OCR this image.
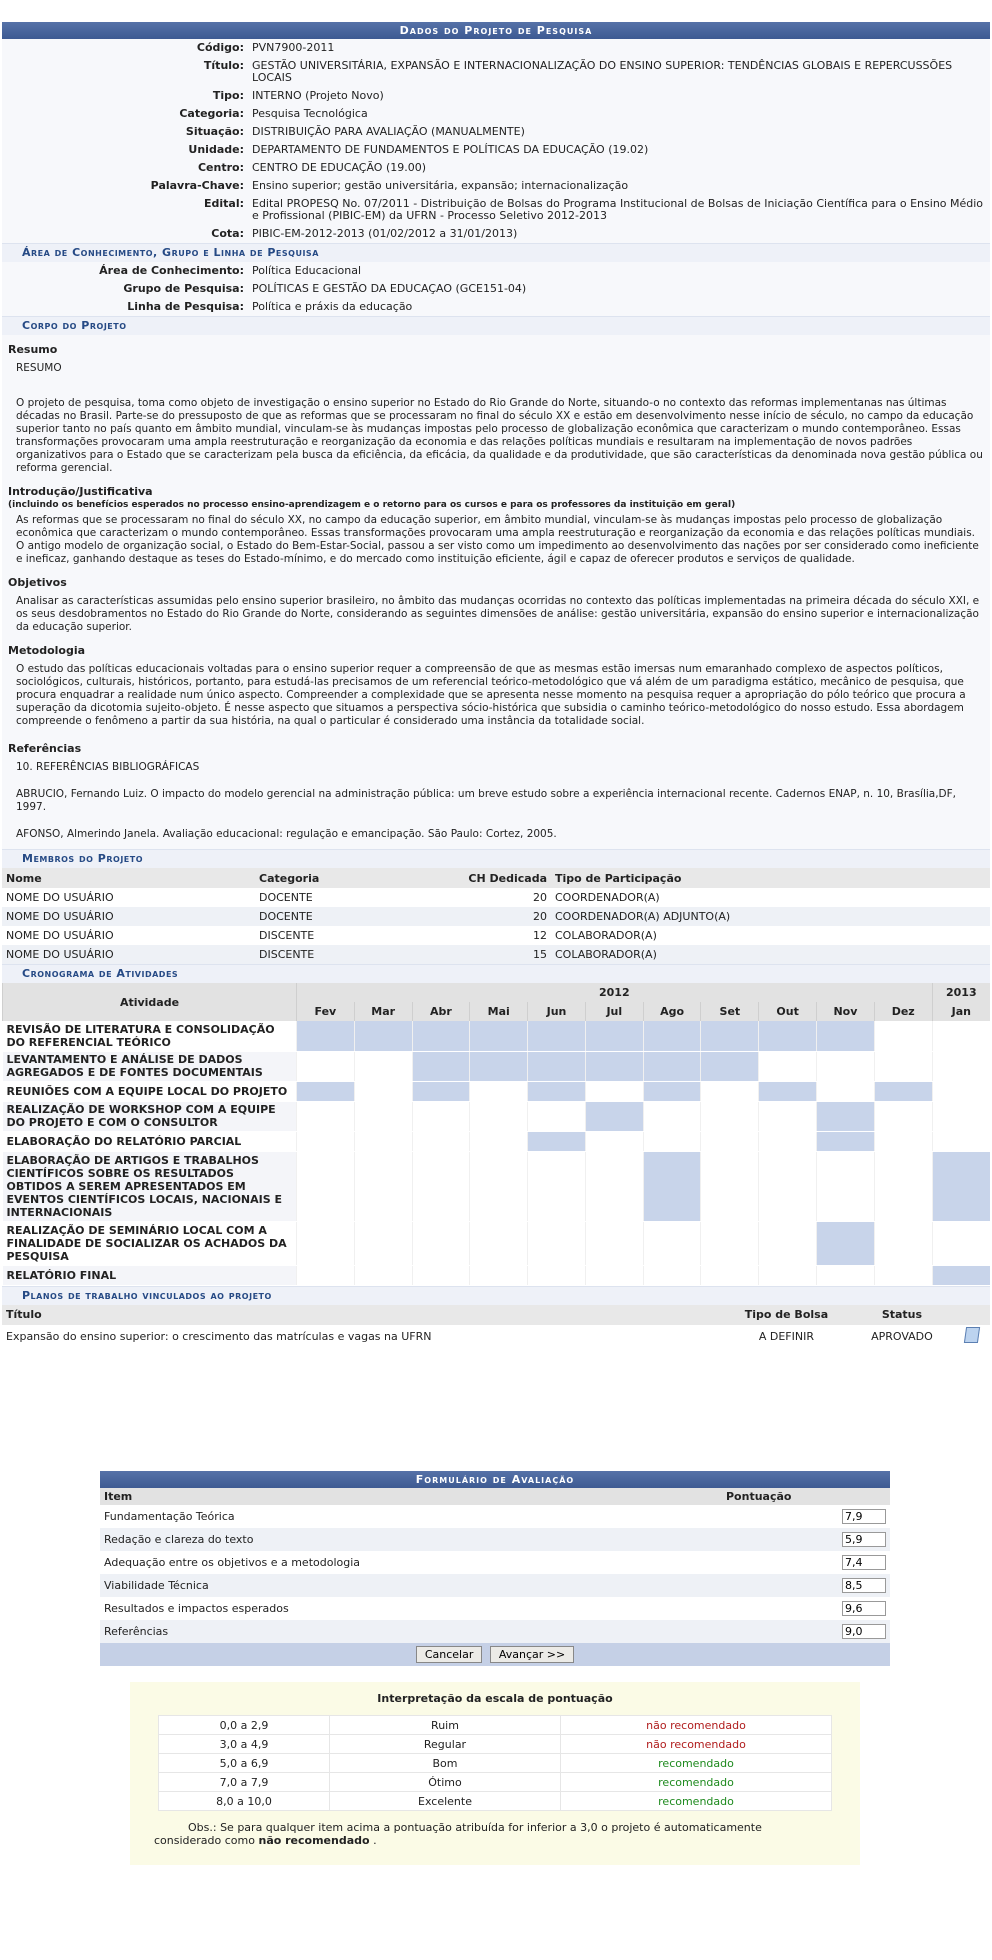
Dados do Projeto de Pesquisa
Código:	PVN7900-2011
Título:	GESTÃO UNIVERSITÁRIA, EXPANSÃO E INTERNACIONALIZAÇÃO DO ENSINO SUPERIOR: TENDÊNCIAS GLOBAIS E REPERCUSSÕES LOCAIS
Tipo:	INTERNO (Projeto Novo)
Categoria:	Pesquisa Tecnológica
Situação:	DISTRIBUIÇÃO PARA AVALIAÇÃO (MANUALMENTE)
Unidade:	DEPARTAMENTO DE FUNDAMENTOS E POLÍTICAS DA EDUCAÇÃO (19.02)
Centro:	CENTRO DE EDUCAÇÃO (19.00)
Palavra-Chave:	Ensino superior; gestão universitária, expansão; internacionalização
Edital:	Edital PROPESQ No. 07/2011 - Distribuição de Bolsas do Programa Institucional de Bolsas de Iniciação Científica para o Ensino Médio e Profissional (PIBIC-EM) da UFRN - Processo Seletivo 2012-2013
Cota:	PIBIC-EM-2012-2013 (01/02/2012 a 31/01/2013)
Área de Conhecimento, Grupo e Linha de Pesquisa
Área de Conhecimento:	Política Educacional
Grupo de Pesquisa:	POLÍTICAS E GESTÃO DA EDUCAÇAO (GCE151-04)
Linha de Pesquisa:	Política e práxis da educação
Corpo do Projeto
Resumo

RESUMO

O projeto de pesquisa, toma como objeto de investigação o ensino superior no Estado do Rio Grande do Norte, situando-o no contexto das reformas implementanas nas últimas décadas no Brasil. Parte-se do pressuposto de que as reformas que se processaram no final do século XX e estão em desenvolvimento nesse início de século, no campo da educação superior tanto no país quanto em âmbito mundial, vinculam-se às mudanças impostas pelo processo de globalização econômica que caracterizam o mundo contemporâneo. Essas transformações provocaram uma ampla reestruturação e reorganização da economia e das relações políticas mundiais e resultaram na implementação de novos padrões organizativos para o Estado que se caracterizam pela busca da eficiência, da eficácia, da qualidade e da produtividade, que são características da denominada nova gestão pública ou reforma gerencial.

Introdução/Justificativa
(incluindo os benefícios esperados no processo ensino-aprendizagem e o retorno para os cursos e para os professores da instituição em geral)

As reformas que se processaram no final do século XX, no campo da educação superior, em âmbito mundial, vinculam-se às mudanças impostas pelo processo de globalização econômica que caracterizam o mundo contemporâneo. Essas transformações provocaram uma ampla reestruturação e reorganização da economia e das relações políticas mundiais. O antigo modelo de organização social, o Estado do Bem-Estar-Social, passou a ser visto como um impedimento ao desenvolvimento das nações por ser considerado como ineficiente e ineficaz, ganhando destaque as teses do Estado-mínimo, e do mercado como instituição eficiente, ágil e capaz de oferecer produtos e serviços de qualidade.

Objetivos

Analisar as características assumidas pelo ensino superior brasileiro, no âmbito das mudanças ocorridas no contexto das políticas implementadas na primeira década do século XXI, e os seus desdobramentos no Estado do Rio Grande do Norte, considerando as seguintes dimensões de análise: gestão universitária, expansão do ensino superior e internacionalização da educação superior.

Metodologia

O estudo das políticas educacionais voltadas para o ensino superior requer a compreensão de que as mesmas estão imersas num emaranhado complexo de aspectos políticos, sociológicos, culturais, históricos, portanto, para estudá-las precisamos de um referencial teórico-metodológico que vá além de um paradigma estático, mecânico de pesquisa, que procura enquadrar a realidade num único aspecto. Compreender a complexidade que se apresenta nesse momento na pesquisa requer a apropriação do pólo teórico que procura a superação da dicotomia sujeito-objeto. É nesse aspecto que situamos a perspectiva sócio-histórica que subsidia o caminho teórico-metodológico do nosso estudo. Essa abordagem compreende o fenômeno a partir da sua história, na qual o particular é considerado uma instância da totalidade social.

Referências

10. REFERÊNCIAS BIBLIOGRÁFICAS

ABRUCIO, Fernando Luiz. O impacto do modelo gerencial na administração pública: um breve estudo sobre a experiência internacional recente. Cadernos ENAP, n. 10, Brasília,DF, 1997.

AFONSO, Almerindo Janela. Avaliação educacional: regulação e emancipação. São Paulo: Cortez, 2005.

Membros do Projeto
Nome	Categoria	CH Dedicada	Tipo de Participação
NOME DO USUÁRIO	DOCENTE	20	COORDENADOR(A)
NOME DO USUÁRIO	DOCENTE	20	COORDENADOR(A) ADJUNTO(A)
NOME DO USUÁRIO	DISCENTE	12	COLABORADOR(A)
NOME DO USUÁRIO	DISCENTE	15	COLABORADOR(A)
Cronograma de Atividades
Atividade	2012											2013
	Fev	Mar	Abr	Mai	Jun	Jul	Ago	Set	Out	Nov	Dez	Jan
REVISÃO DE LITERATURA E CONSOLIDAÇÃO DO REFERENCIAL TEÓRICO												
LEVANTAMENTO E ANÁLISE DE DADOS AGREGADOS E DE FONTES DOCUMENTAIS												
REUNIÕES COM A EQUIPE LOCAL DO PROJETO												
REALIZAÇÃO DE WORKSHOP COM A EQUIPE DO PROJETO E COM O CONSULTOR												
ELABORAÇÃO DO RELATÓRIO PARCIAL												
ELABORAÇÃO DE ARTIGOS E TRABALHOS CIENTÍFICOS SOBRE OS RESULTADOS OBTIDOS A SEREM APRESENTADOS EM EVENTOS CIENTÍFICOS LOCAIS, NACIONAIS E INTERNACIONAIS												
REALIZAÇÃO DE SEMINÁRIO LOCAL COM A FINALIDADE DE SOCIALIZAR OS ACHADOS DA PESQUISA												
RELATÓRIO FINAL												
Planos de trabalho vinculados ao projeto
Título	Tipo de Bolsa	Status	
Expansão do ensino superior: o crescimento das matrículas e vagas na UFRN	A DEFINIR	APROVADO	
Formulário de Avaliação
Item	Pontuação
Fundamentação Teórica	7,9
Redação e clareza do texto	5,9
Adequação entre os objetivos e a metodologia	7,4
Viabilidade Técnica	8,5
Resultados e impactos esperados	9,6
Referências	9,0
Cancelar Avançar >>
Interpretação da escala de pontuação
0,0 a 2,9	Ruim	não recomendado
3,0 a 4,9	Regular	não recomendado
5,0 a 6,9	Bom	recomendado
7,0 a 7,9	Ótimo	recomendado
8,0 a 10,0	Excelente	recomendado
Obs.: Se para qualquer item acima a pontuação atribuída for inferior a 3,0 o projeto é automaticamente considerado como não recomendado .
